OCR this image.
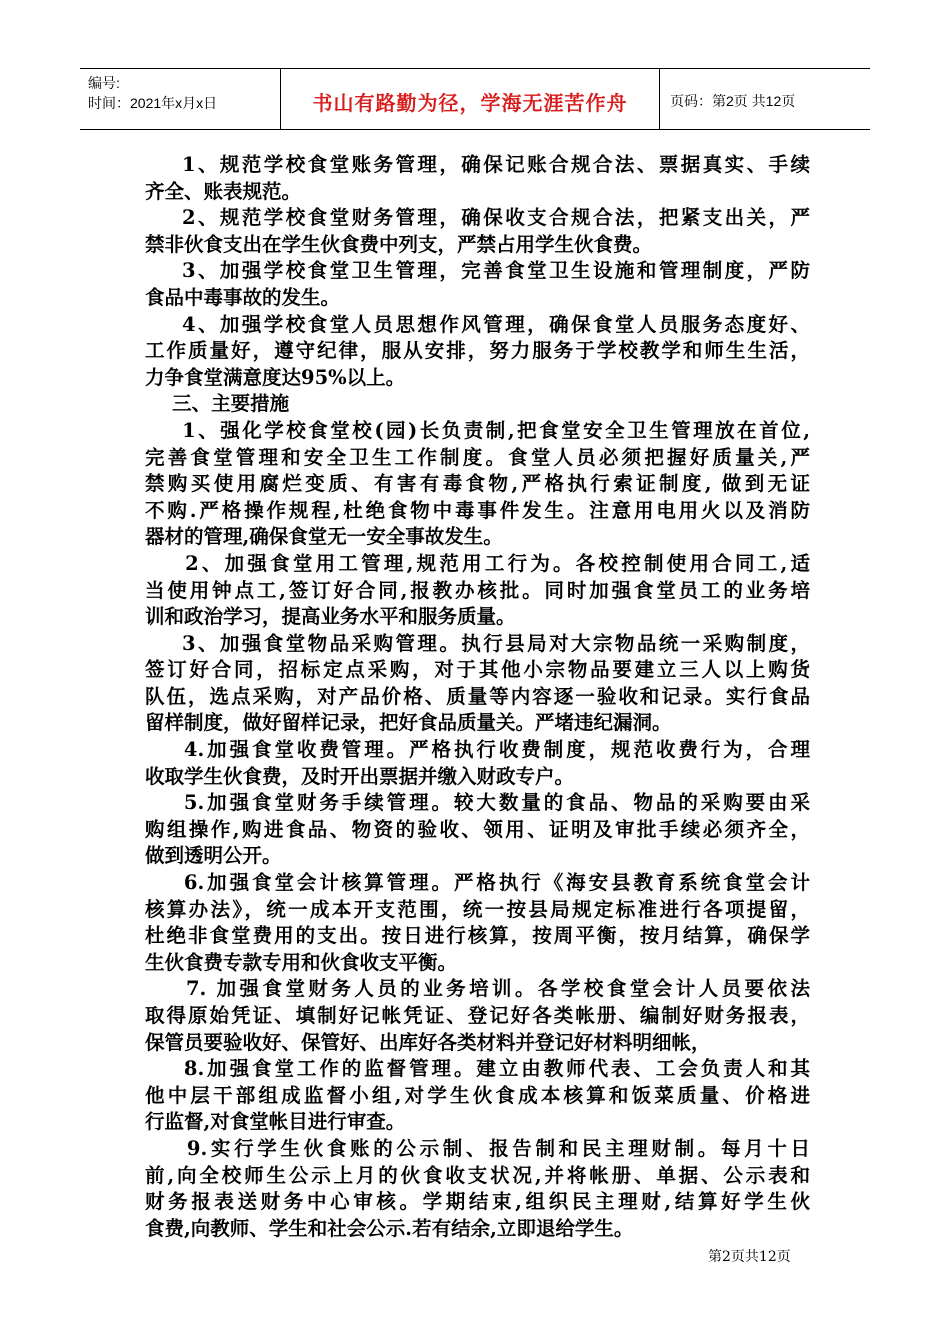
编号:
时间：2021年x月x日	书山有路勤为径，学海无涯苦作舟	页码：第2页 共12页
1、规范学校食堂账务管理，确保记账合规合法、票据真实、手续
齐全、账表规范。
2、规范学校食堂财务管理，确保收支合规合法，把紧支出关，严
禁非伙食支出在学生伙食费中列支，严禁占用学生伙食费。
3、加强学校食堂卫生管理，完善食堂卫生设施和管理制度，严防
食品中毒事故的发生。
4、加强学校食堂人员思想作风管理，确保食堂人员服务态度好、
工作质量好，遵守纪律，服从安排，努力服务于学校教学和师生生活，
力争食堂满意度达95%以上。
三、主要措施
1、强化学校食堂校(园)长负责制,把食堂安全卫生管理放在首位,
完善食堂管理和安全卫生工作制度。食堂人员必须把握好质量关,严
禁购买使用腐烂变质、有害有毒食物,严格执行索证制度, 做到无证
不购.严格操作规程,杜绝食物中毒事件发生。注意用电用火以及消防
器材的管理,确保食堂无一安全事故发生。
2、加强食堂用工管理,规范用工行为。各校控制使用合同工,适
当使用钟点工,签订好合同,报教办核批。同时加强食堂员工的业务培
训和政治学习，提高业务水平和服务质量。
3、加强食堂物品采购管理。执行县局对大宗物品统一采购制度，
签订好合同，招标定点采购，对于其他小宗物品要建立三人以上购货
队伍，选点采购，对产品价格、质量等内容逐一验收和记录。实行食品
留样制度，做好留样记录，把好食品质量关。严堵违纪漏洞。
4.加强食堂收费管理。严格执行收费制度，规范收费行为，合理
收取学生伙食费，及时开出票据并缴入财政专户。
5.加强食堂财务手续管理。较大数量的食品、物品的采购要由采
购组操作,购进食品、物资的验收、领用、证明及审批手续必须齐全，
做到透明公开。
6.加强食堂会计核算管理。严格执行《海安县教育系统食堂会计
核算办法》，统一成本开支范围，统一按县局规定标准进行各项提留，
杜绝非食堂费用的支出。按日进行核算，按周平衡，按月结算，确保学
生伙食费专款专用和伙食收支平衡。
7. 加强食堂财务人员的业务培训。各学校食堂会计人员要依法
取得原始凭证、填制好记帐凭证、登记好各类帐册、编制好财务报表，
保管员要验收好、保管好、出库好各类材料并登记好材料明细帐，
8.加强食堂工作的监督管理。建立由教师代表、工会负责人和其
他中层干部组成监督小组,对学生伙食成本核算和饭菜质量、价格进
行监督,对食堂帐目进行审查。
9.实行学生伙食账的公示制、报告制和民主理财制。每月十日
前,向全校师生公示上月的伙食收支状况,并将帐册、单据、公示表和
财务报表送财务中心审核。学期结束,组织民主理财,结算好学生伙
食费,向教师、学生和社会公示.若有结余,立即退给学生。
第2页共12页
